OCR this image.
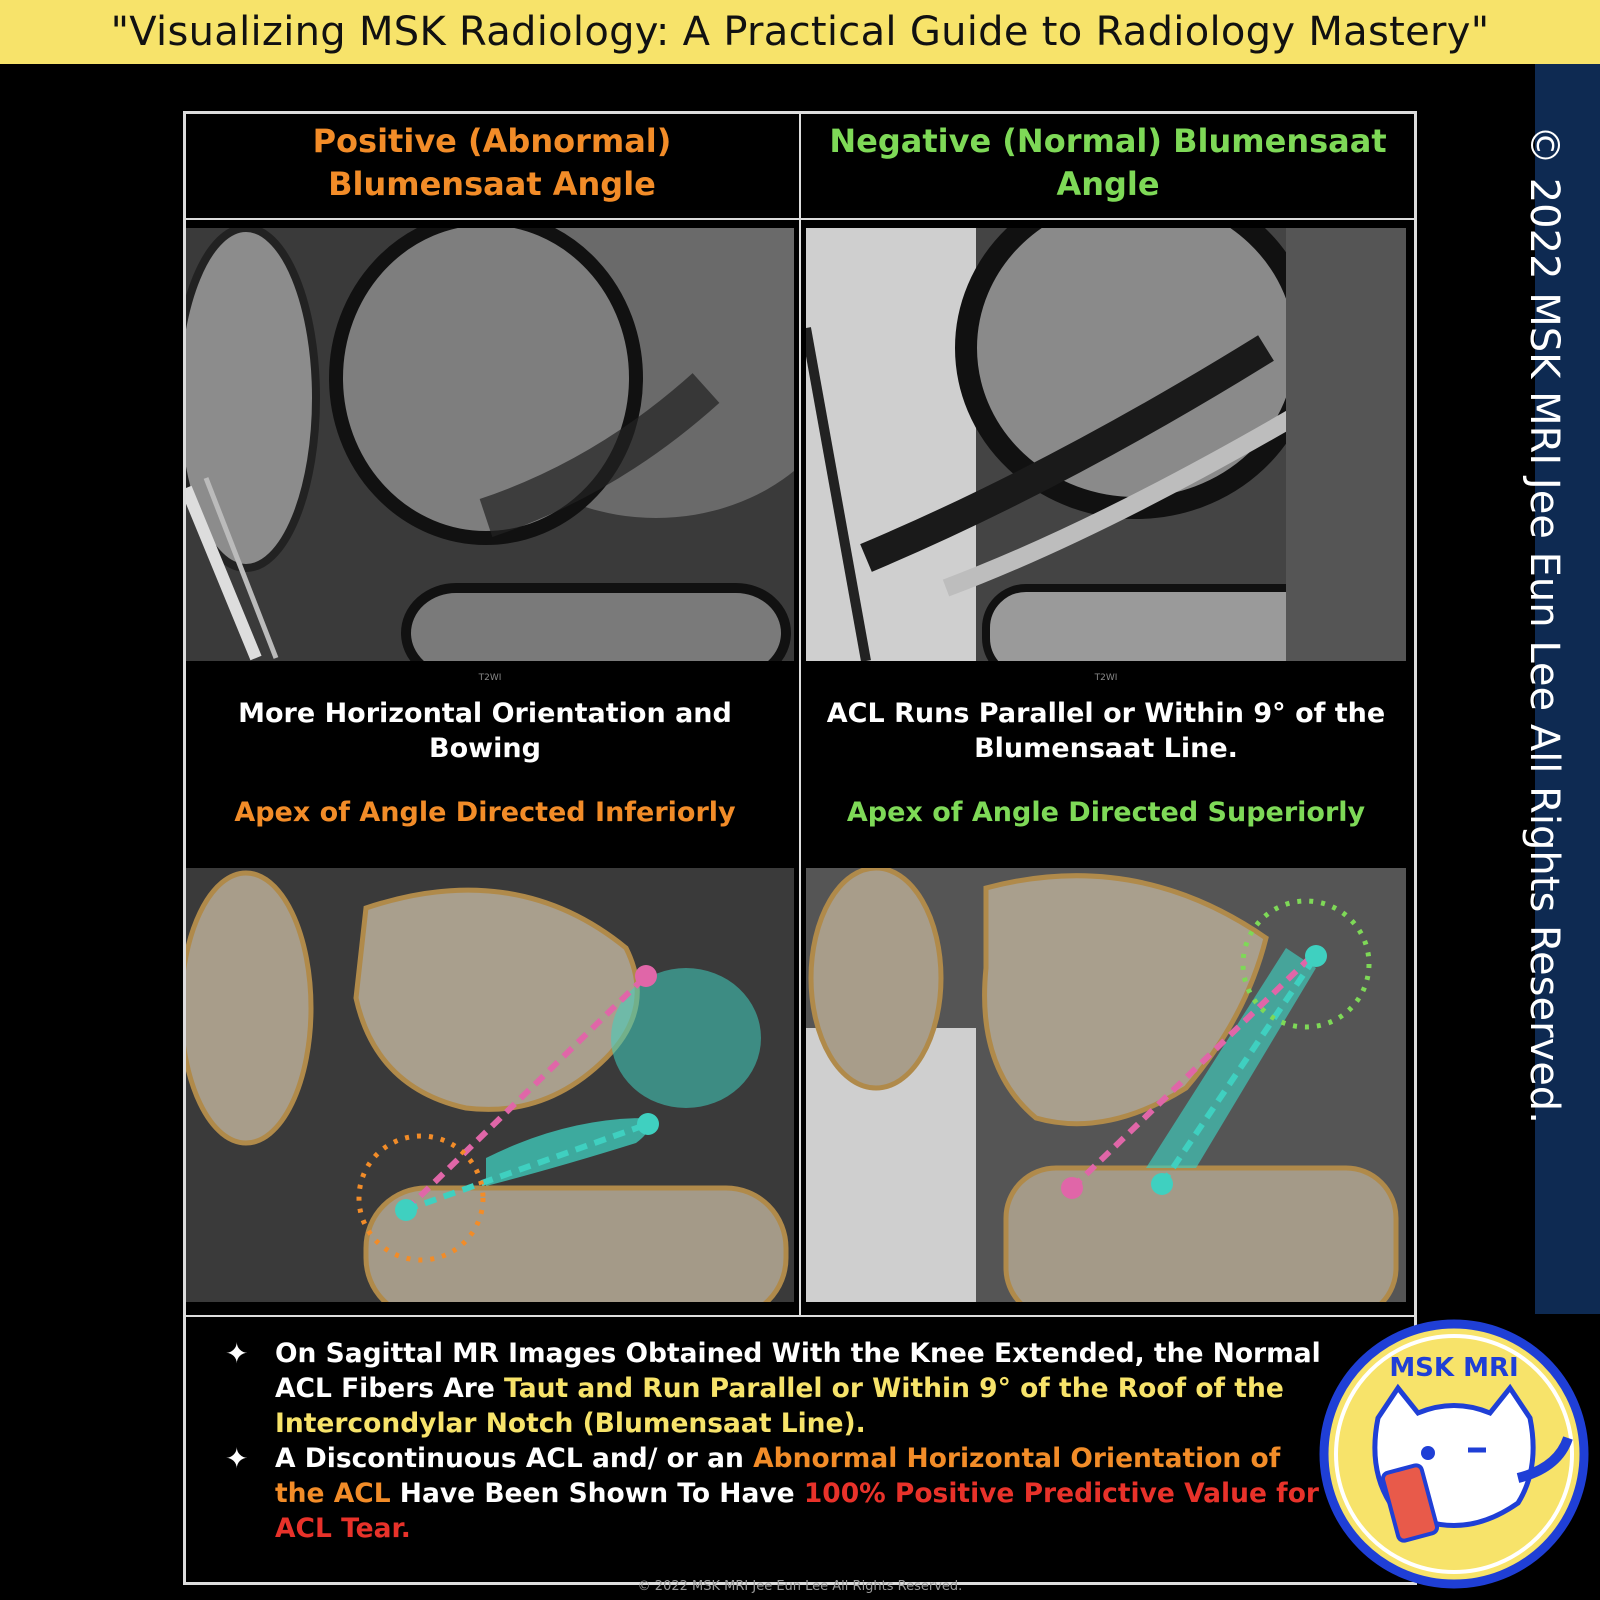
"Visualizing MSK Radiology: A Practical Guide to Radiology Mastery"
© 2022 MSK MRI Jee Eun Lee All Rights Reserved.
Positive (Abnormal)
Blumensaat Angle
Negative (Normal) Blumensaat
Angle
T2WI	T2WI
More Horizontal Orientation and
Bowing
ACL Runs Parallel or Within 9° of the
Blumensaat Line.
Apex of Angle Directed Inferiorly	Apex of Angle Directed Superiorly
✦ On Sagittal MR Images Obtained With the Knee Extended, the Normal ACL Fibers Are Taut and Run Parallel or Within 9° of the Roof of the Intercondylar Notch (Blumensaat Line).
✦ A Discontinuous ACL and/ or an Abnormal Horizontal Orientation of the ACL Have Been Shown To Have 100% Positive Predictive Value for ACL Tear.
© 2022 MSK MRI Jee Eun Lee All Rights Reserved.
MSK MRI
